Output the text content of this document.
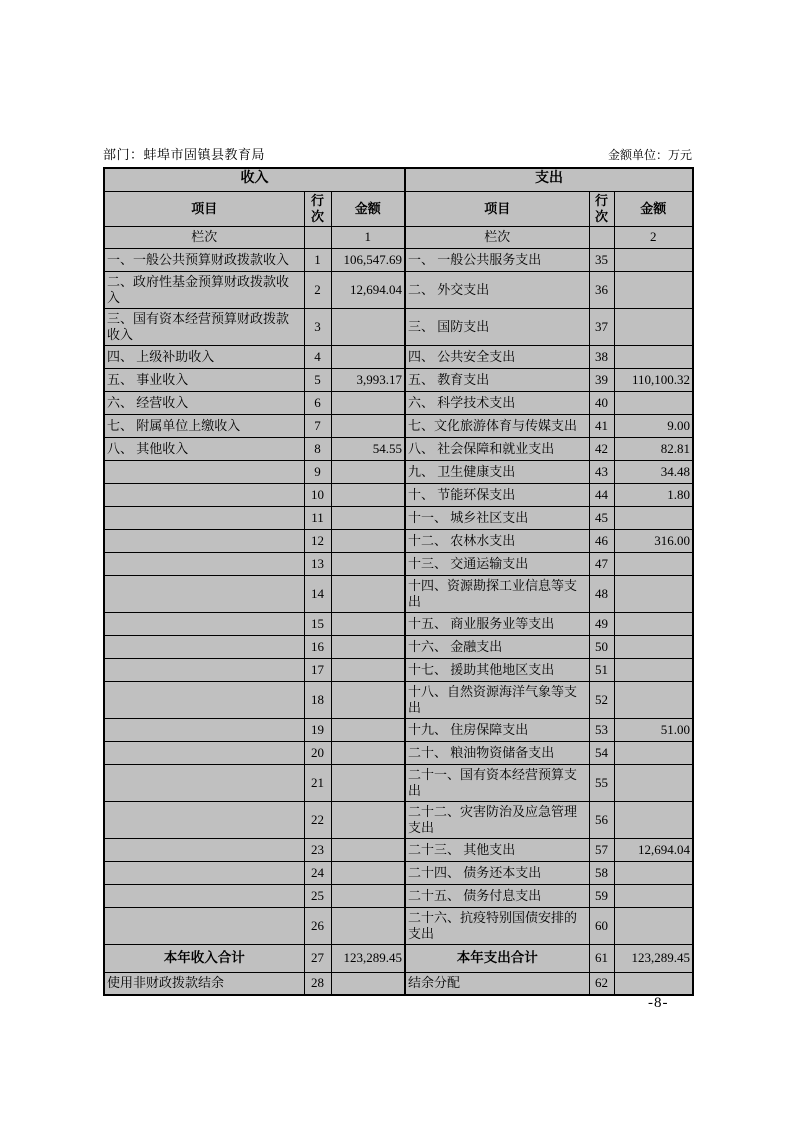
部门：蚌埠市固镇县教育局	金额单位：万元
收入			支出		
项目	行次	金额	项目	行次	金额
栏次		1	栏次		2
一、一般公共预算财政拨款收入	1	106,547.69	一、 一般公共服务支出	35	
二、政府性基金预算财政拨款收入	2	12,694.04	二、 外交支出	36	
三、国有资本经营预算财政拨款收入	3		三、 国防支出	37	
四、 上级补助收入	4		四、 公共安全支出	38	
五、 事业收入	5	3,993.17	五、 教育支出	39	110,100.32
六、 经营收入	6		六、 科学技术支出	40	
七、 附属单位上缴收入	7		七、文化旅游体育与传媒支出	41	9.00
八、 其他收入	8	54.55	八、 社会保障和就业支出	42	82.81
	9		九、 卫生健康支出	43	34.48
	10		十、 节能环保支出	44	1.80
	11		十一、 城乡社区支出	45	
	12		十二、 农林水支出	46	316.00
	13		十三、 交通运输支出	47	
	14		十四、资源勘探工业信息等支出	48	
	15		十五、 商业服务业等支出	49	
	16		十六、 金融支出	50	
	17		十七、 援助其他地区支出	51	
	18		十八、自然资源海洋气象等支出	52	
	19		十九、 住房保障支出	53	51.00
	20		二十、 粮油物资储备支出	54	
	21		二十一、国有资本经营预算支出	55	
	22		二十二、灾害防治及应急管理支出	56	
	23		二十三、 其他支出	57	12,694.04
	24		二十四、 债务还本支出	58	
	25		二十五、 债务付息支出	59	
	26		二十六、抗疫特别国债安排的支出	60	
本年收入合计	27	123,289.45	本年支出合计	61	123,289.45
使用非财政拨款结余	28		结余分配	62	
-8-
